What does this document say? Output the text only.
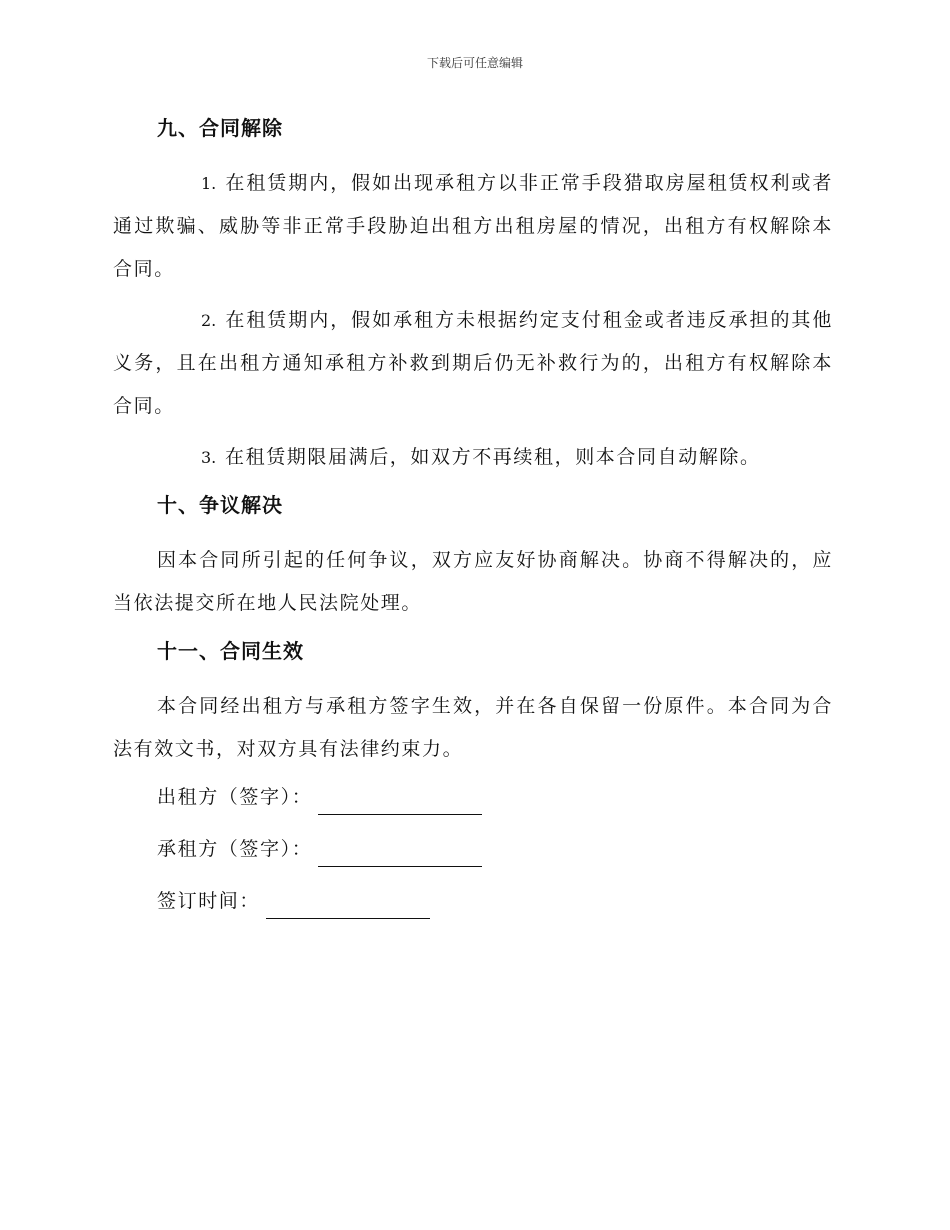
下载后可任意编辑
九、合同解除

1. 在租赁期内，假如出现承租方以非正常手段猎取房屋租赁权利或者通过欺骗、威胁等非正常手段胁迫出租方出租房屋的情况，出租方有权解除本合同。

2. 在租赁期内，假如承租方未根据约定支付租金或者违反承担的其他义务，且在出租方通知承租方补救到期后仍无补救行为的，出租方有权解除本合同。

3. 在租赁期限届满后，如双方不再续租，则本合同自动解除。

十、争议解决

因本合同所引起的任何争议，双方应友好协商解决。协商不得解决的，应当依法提交所在地人民法院处理。

十一、合同生效

本合同经出租方与承租方签字生效，并在各自保留一份原件。本合同为合法有效文书，对双方具有法律约束力。

出租方（签字）：
承租方（签字）：
签订时间：
